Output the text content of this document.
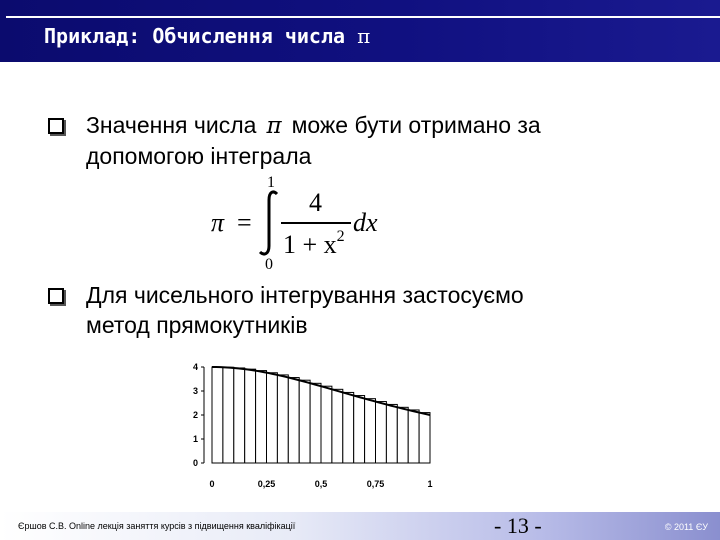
Приклад: Обчислення числа π
Значення числа π може бути отримано за
допомогою інтеграла
π =
1
0
4
$1 + x^2$ dx
Для чисельного інтегрування застосуємо
метод прямокутників
0
1
2
3
4
0	0,25	0,5	0,75	1
Єршов С.В. Online лекція заняття курсів з підвищення кваліфікації	- 13 -	© 2011 ЄУ
